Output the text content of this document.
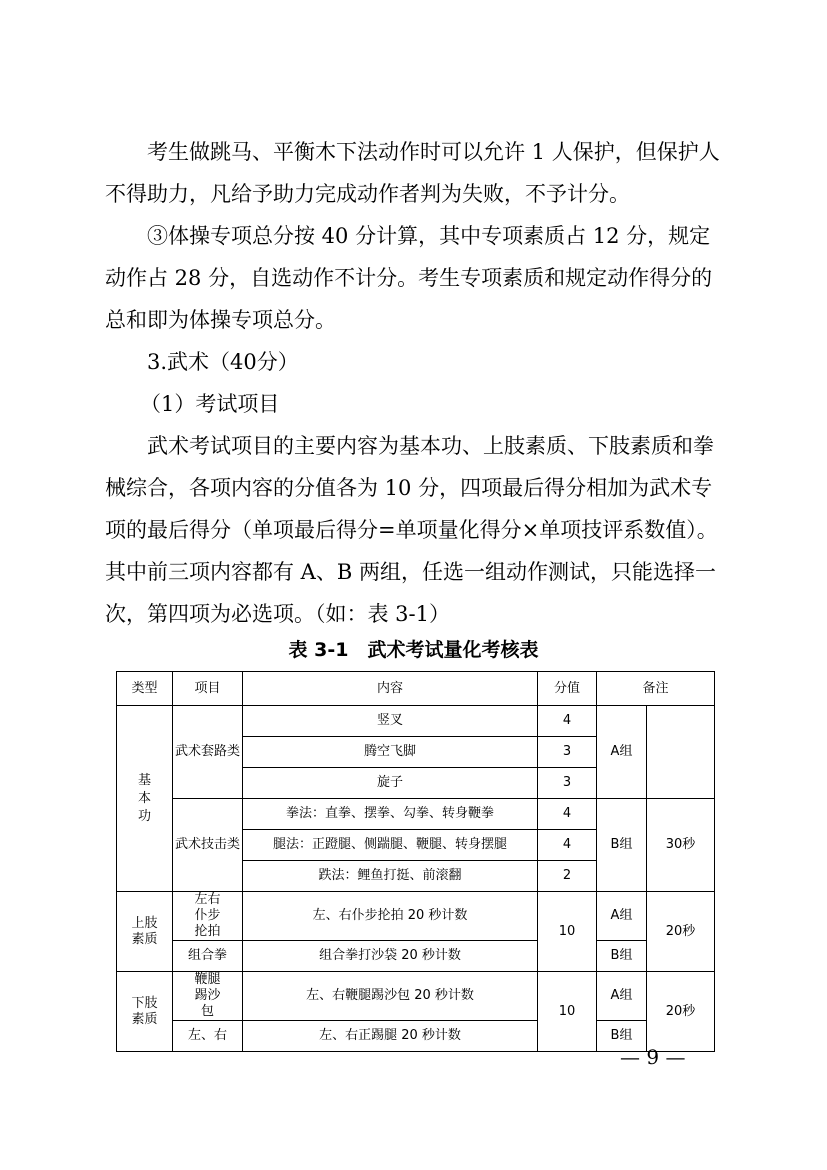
考生做跳马、平衡木下法动作时可以允许 1 人保护，但保护人不得助力，凡给予助力完成动作者判为失败，不予计分。

③体操专项总分按 40 分计算，其中专项素质占 12 分，规定动作占 28 分，自选动作不计分。考生专项素质和规定动作得分的总和即为体操专项总分。

3.武术（40分）
（1）考试项目

武术考试项目的主要内容为基本功、上肢素质、下肢素质和拳械综合，各项内容的分值各为 10 分，四项最后得分相加为武术专项的最后得分（单项最后得分=单项量化得分×单项技评系数值）。其中前三项内容都有 A、B 两组，任选一组动作测试，只能选择一次，第四项为必选项。（如：表 3-1）

表 3-1　武术考试量化考核表
类型	项目	内容	分值	备注	

基本功	武术套路类	竖叉	4	A组	
		腾空飞脚	3		
		旋子	3		
	武术技击类	拳法：直拳、摆拳、勾拳、转身鞭拳	4	B组	30秒
		腿法：正蹬腿、侧踹腿、鞭腿、转身摆腿	4		
		跌法：鲤鱼打挺、前滚翻	2		

上肢素质	左右仆步抡拍	左、右仆步抡拍 20 秒计数	10	A组	20秒
	组合拳	组合拳打沙袋 20 秒计数		B组	

下肢素质	鞭腿踢沙包	左、右鞭腿踢沙包 20 秒计数	10	A组	20秒
	左、右	左、右正踢腿 20 秒计数		B组	
— 9 —
